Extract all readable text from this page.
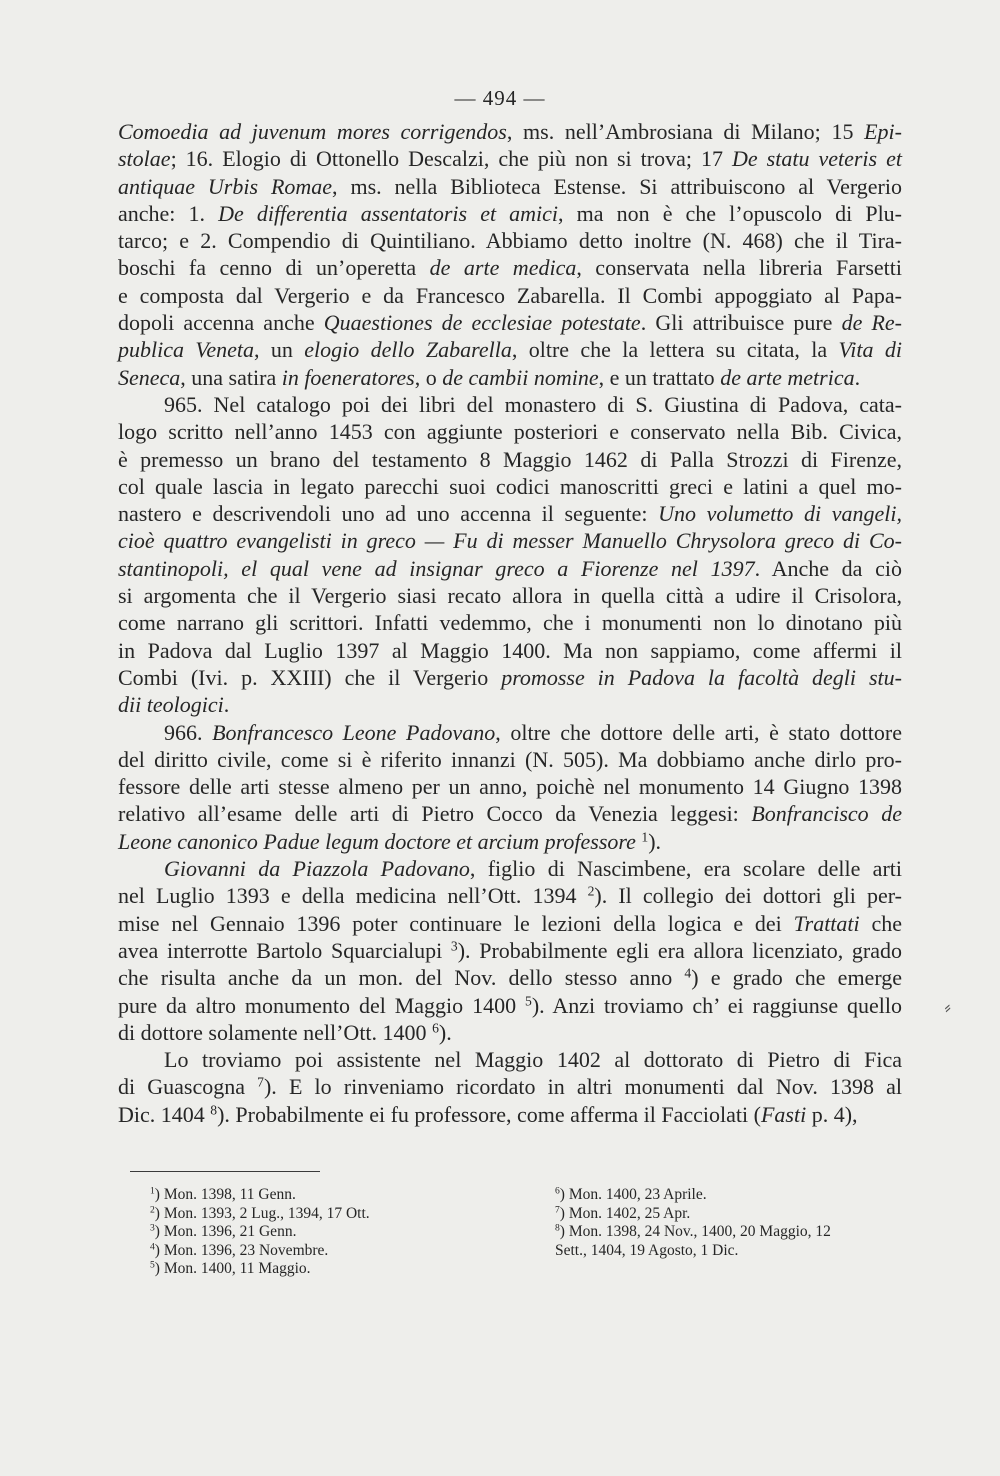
— 494 —
Comoedia ad juvenum mores corrigendos, ms. nell’Ambrosiana di Milano; 15 Epi-
stolae; 16. Elogio di Ottonello Descalzi, che più non si trova; 17 De statu veteris et
antiquae Urbis Romae, ms. nella Biblioteca Estense. Si attribuiscono al Vergerio
anche: 1. De differentia assentatoris et amici, ma non è che l’opuscolo di Plu-
tarco; e 2. Compendio di Quintiliano. Abbiamo detto inoltre (N. 468) che il Tira-
boschi fa cenno di un’operetta de arte medica, conservata nella libreria Farsetti
e composta dal Vergerio e da Francesco Zabarella. Il Combi appoggiato al Papa-
dopoli accenna anche Quaestiones de ecclesiae potestate. Gli attribuisce pure de Re-
publica Veneta, un elogio dello Zabarella, oltre che la lettera su citata, la Vita di
Seneca, una satira in foeneratores, o de cambii nomine, e un trattato de arte metrica.
965. Nel catalogo poi dei libri del monastero di S. Giustina di Padova, cata-
logo scritto nell’anno 1453 con aggiunte posteriori e conservato nella Bib. Civica,
è premesso un brano del testamento 8 Maggio 1462 di Palla Strozzi di Firenze,
col quale lascia in legato parecchi suoi codici manoscritti greci e latini a quel mo-
nastero e descrivendoli uno ad uno accenna il seguente: Uno volumetto di vangeli,
cioè quattro evangelisti in greco — Fu di messer Manuello Chrysolora greco di Co-
stantinopoli, el qual vene ad insignar greco a Fiorenze nel 1397. Anche da ciò
si argomenta che il Vergerio siasi recato allora in quella città a udire il Crisolora,
come narrano gli scrittori. Infatti vedemmo, che i monumenti non lo dinotano più
in Padova dal Luglio 1397 al Maggio 1400. Ma non sappiamo, come affermi il
Combi (Ivi. p. XXIII) che il Vergerio promosse in Padova la facoltà degli stu-
dii teologici.
966. Bonfrancesco Leone Padovano, oltre che dottore delle arti, è stato dottore
del diritto civile, come si è riferito innanzi (N. 505). Ma dobbiamo anche dirlo pro-
fessore delle arti stesse almeno per un anno, poichè nel monumento 14 Giugno 1398
relativo all’esame delle arti di Pietro Cocco da Venezia leggesi: Bonfrancisco de
Leone canonico Padue legum doctore et arcium professore $^1$).
Giovanni da Piazzola Padovano, figlio di Nascimbene, era scolare delle arti
nel Luglio 1393 e della medicina nell’Ott. 1394 $^2$). Il collegio dei dottori gli per-
mise nel Gennaio 1396 poter continuare le lezioni della logica e dei Trattati che
avea interrotte Bartolo Squarcialupi $^3$). Probabilmente egli era allora licenziato, grado
che risulta anche da un mon. del Nov. dello stesso anno $^4$) e grado che emerge
pure da altro monumento del Maggio 1400 $^5$). Anzi troviamo ch’ ei raggiunse quello
di dottore solamente nell’Ott. 1400 $^6$).
Lo troviamo poi assistente nel Maggio 1402 al dottorato di Pietro di Fica
di Guascogna $^7$). E lo rinveniamo ricordato in altri monumenti dal Nov. 1398 al
Dic. 1404 $^8$). Probabilmente ei fu professore, come afferma il Facciolati (Fasti p. 4),
$^1$) Mon. 1398, 11 Genn.
$^2$) Mon. 1393, 2 Lug., 1394, 17 Ott.
$^3$) Mon. 1396, 21 Genn.
$^4$) Mon. 1396, 23 Novembre.
$^5$) Mon. 1400, 11 Maggio.
$^6$) Mon. 1400, 23 Aprile.
$^7$) Mon. 1402, 25 Apr.
$^8$) Mon. 1398, 24 Nov., 1400, 20 Maggio, 12
Sett., 1404, 19 Agosto, 1 Dic.
⸗
